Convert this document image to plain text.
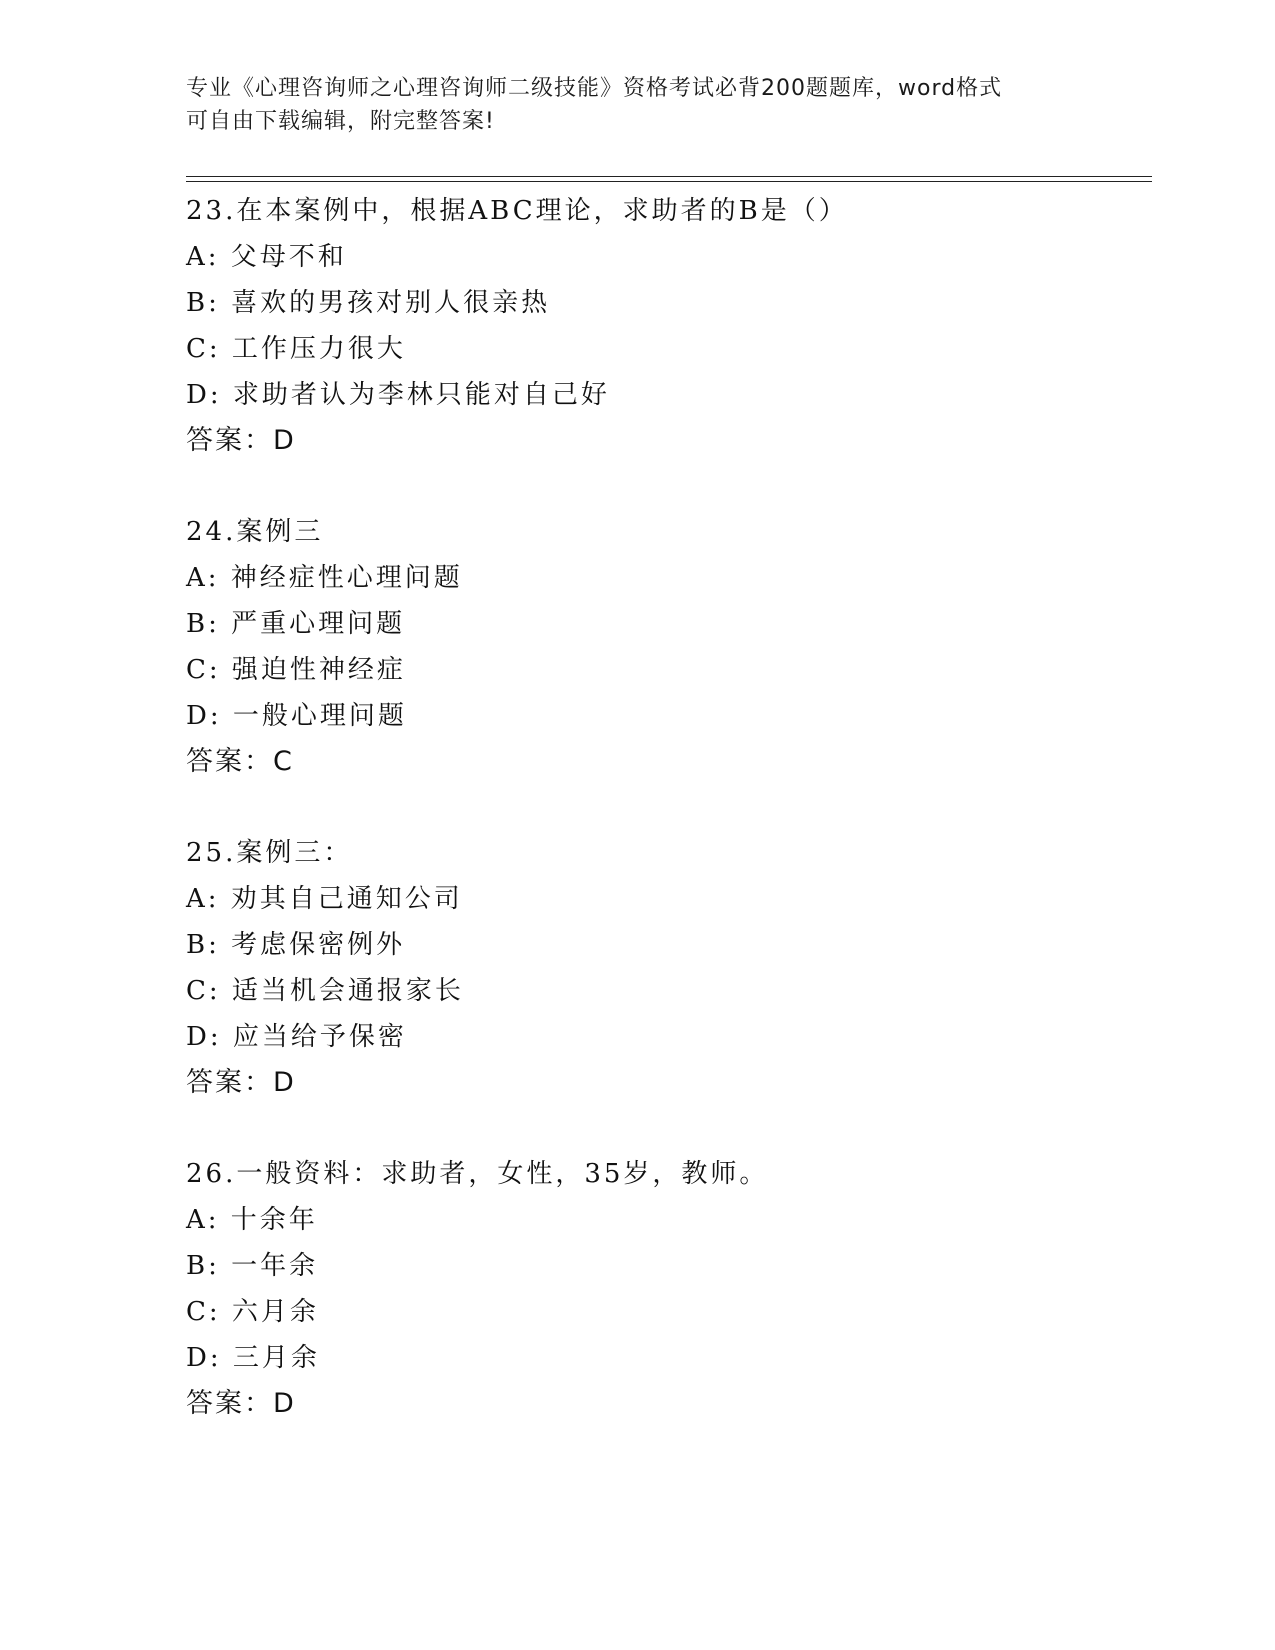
专业《心理咨询师之心理咨询师二级技能》资格考试必背200题题库，word格式
可自由下载编辑，附完整答案!
23.在本案例中，根据ABC理论，求助者的B是（）
A: 父母不和
B: 喜欢的男孩对别人很亲热
C: 工作压力很大
D: 求助者认为李林只能对自己好
答案：D
24.案例三
A: 神经症性心理问题
B: 严重心理问题
C: 强迫性神经症
D: 一般心理问题
答案：C
25.案例三：
A: 劝其自己通知公司
B: 考虑保密例外
C: 适当机会通报家长
D: 应当给予保密
答案：D
26.一般资料：求助者，女性，35岁，教师。
A: 十余年
B: 一年余
C: 六月余
D: 三月余
答案：D
